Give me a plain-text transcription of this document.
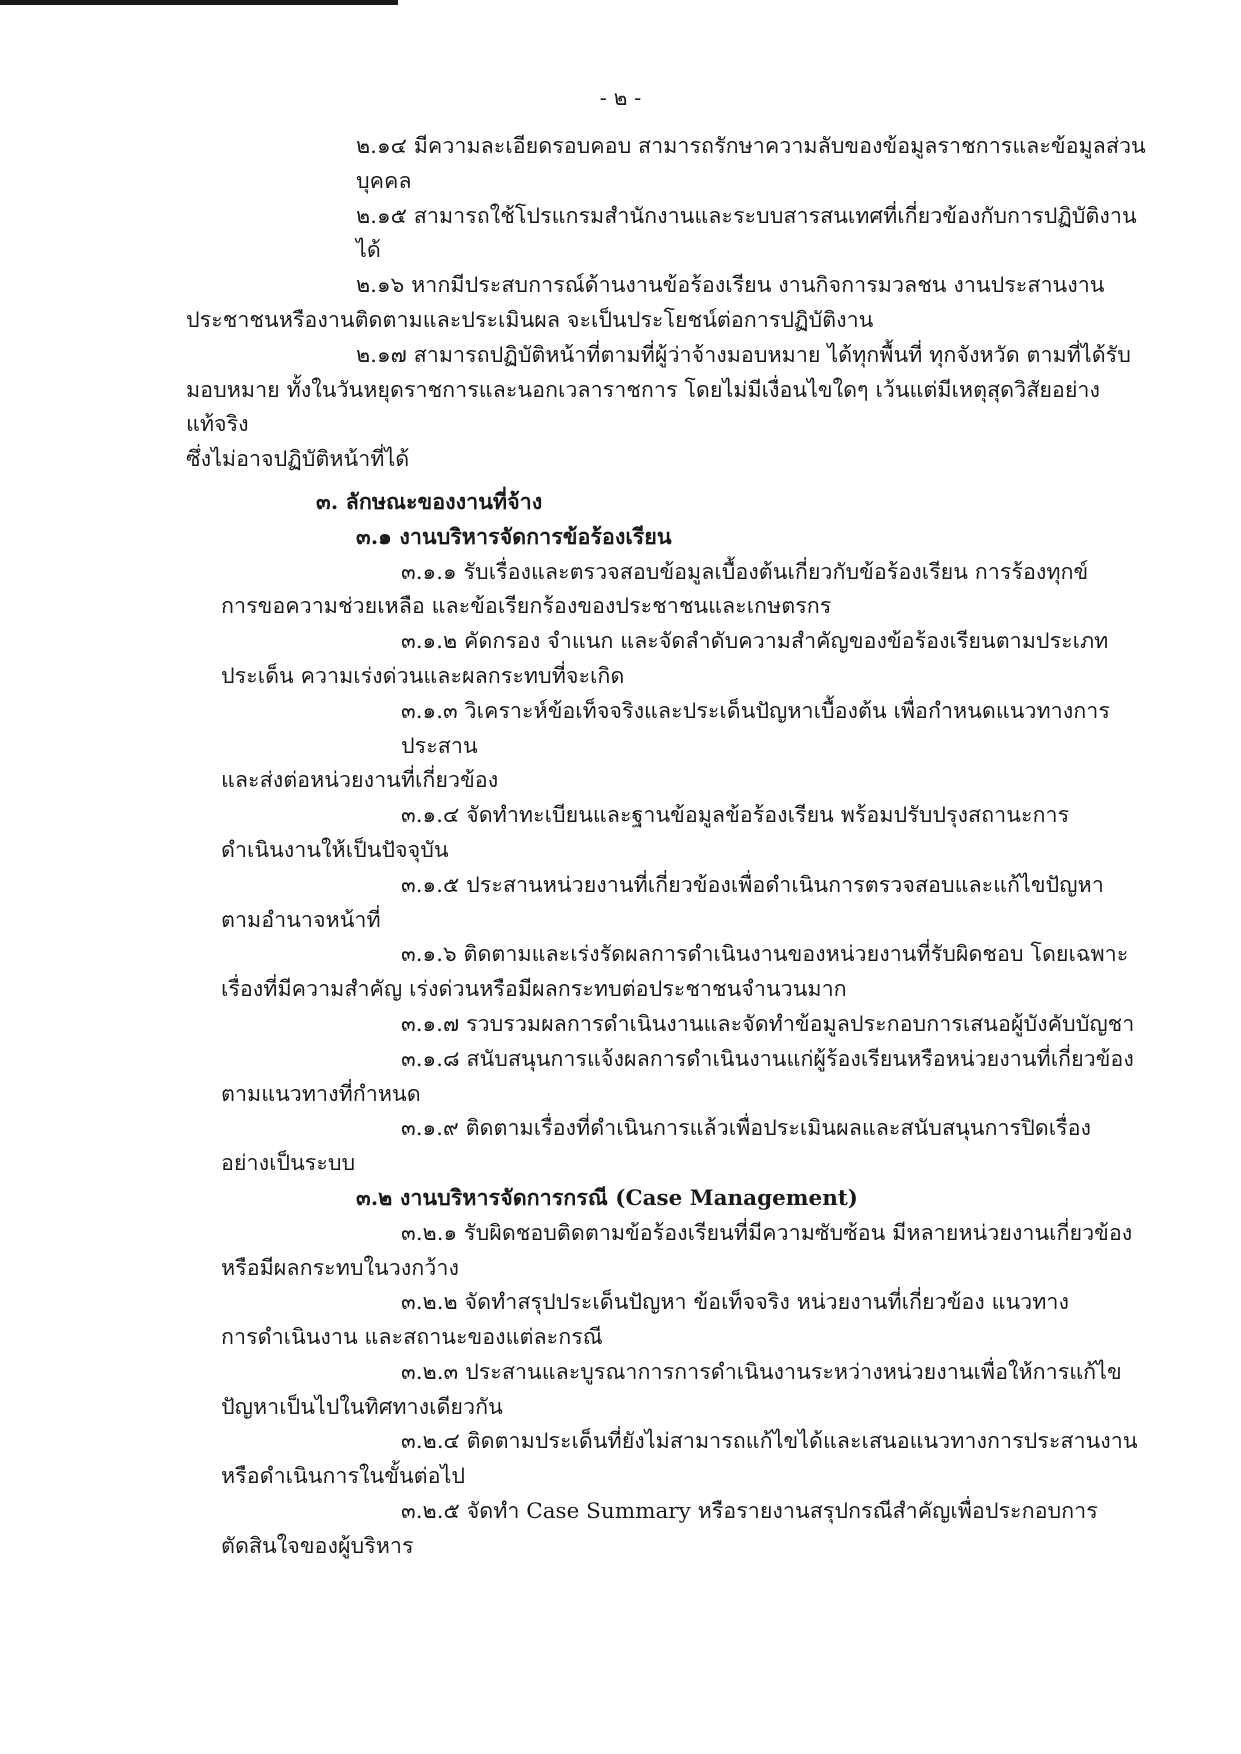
- ๒ -

๒.๑๔ มีความละเอียดรอบคอบ สามารถรักษาความลับของข้อมูลราชการและข้อมูลส่วนบุคคล

๒.๑๕ สามารถใช้โปรแกรมสำนักงานและระบบสารสนเทศที่เกี่ยวข้องกับการปฏิบัติงานได้

๒.๑๖ หากมีประสบการณ์ด้านงานข้อร้องเรียน งานกิจการมวลชน งานประสานงาน

ประชาชนหรืองานติดตามและประเมินผล จะเป็นประโยชน์ต่อการปฏิบัติงาน

๒.๑๗ สามารถปฏิบัติหน้าที่ตามที่ผู้ว่าจ้างมอบหมาย ได้ทุกพื้นที่ ทุกจังหวัด ตามที่ได้รับ

มอบหมาย ทั้งในวันหยุดราชการและนอกเวลาราชการ โดยไม่มีเงื่อนไขใดๆ เว้นแต่มีเหตุสุดวิสัยอย่างแท้จริง

ซึ่งไม่อาจปฏิบัติหน้าที่ได้

๓. ลักษณะของงานที่จ้าง

๓.๑ งานบริหารจัดการข้อร้องเรียน

๓.๑.๑ รับเรื่องและตรวจสอบข้อมูลเบื้องต้นเกี่ยวกับข้อร้องเรียน การร้องทุกข์

การขอความช่วยเหลือ และข้อเรียกร้องของประชาชนและเกษตรกร

๓.๑.๒ คัดกรอง จำแนก และจัดลำดับความสำคัญของข้อร้องเรียนตามประเภท

ประเด็น ความเร่งด่วนและผลกระทบที่จะเกิด

๓.๑.๓ วิเคราะห์ข้อเท็จจริงและประเด็นปัญหาเบื้องต้น เพื่อกำหนดแนวทางการประสาน

และส่งต่อหน่วยงานที่เกี่ยวข้อง

๓.๑.๔ จัดทำทะเบียนและฐานข้อมูลข้อร้องเรียน พร้อมปรับปรุงสถานะการ

ดำเนินงานให้เป็นปัจจุบัน

๓.๑.๕ ประสานหน่วยงานที่เกี่ยวข้องเพื่อดำเนินการตรวจสอบและแก้ไขปัญหา

ตามอำนาจหน้าที่

๓.๑.๖ ติดตามและเร่งรัดผลการดำเนินงานของหน่วยงานที่รับผิดชอบ โดยเฉพาะ

เรื่องที่มีความสำคัญ เร่งด่วนหรือมีผลกระทบต่อประชาชนจำนวนมาก

๓.๑.๗ รวบรวมผลการดำเนินงานและจัดทำข้อมูลประกอบการเสนอผู้บังคับบัญชา

๓.๑.๘ สนับสนุนการแจ้งผลการดำเนินงานแก่ผู้ร้องเรียนหรือหน่วยงานที่เกี่ยวข้อง

ตามแนวทางที่กำหนด

๓.๑.๙ ติดตามเรื่องที่ดำเนินการแล้วเพื่อประเมินผลและสนับสนุนการปิดเรื่อง

อย่างเป็นระบบ

๓.๒ งานบริหารจัดการกรณี (Case Management)

๓.๒.๑ รับผิดชอบติดตามข้อร้องเรียนที่มีความซับซ้อน มีหลายหน่วยงานเกี่ยวข้อง

หรือมีผลกระทบในวงกว้าง

๓.๒.๒ จัดทำสรุปประเด็นปัญหา ข้อเท็จจริง หน่วยงานที่เกี่ยวข้อง แนวทาง

การดำเนินงาน และสถานะของแต่ละกรณี

๓.๒.๓ ประสานและบูรณาการการดำเนินงานระหว่างหน่วยงานเพื่อให้การแก้ไข

ปัญหาเป็นไปในทิศทางเดียวกัน

๓.๒.๔ ติดตามประเด็นที่ยังไม่สามารถแก้ไขได้และเสนอแนวทางการประสานงาน

หรือดำเนินการในขั้นต่อไป

๓.๒.๕ จัดทำ Case Summary หรือรายงานสรุปกรณีสำคัญเพื่อประกอบการ

ตัดสินใจของผู้บริหาร
